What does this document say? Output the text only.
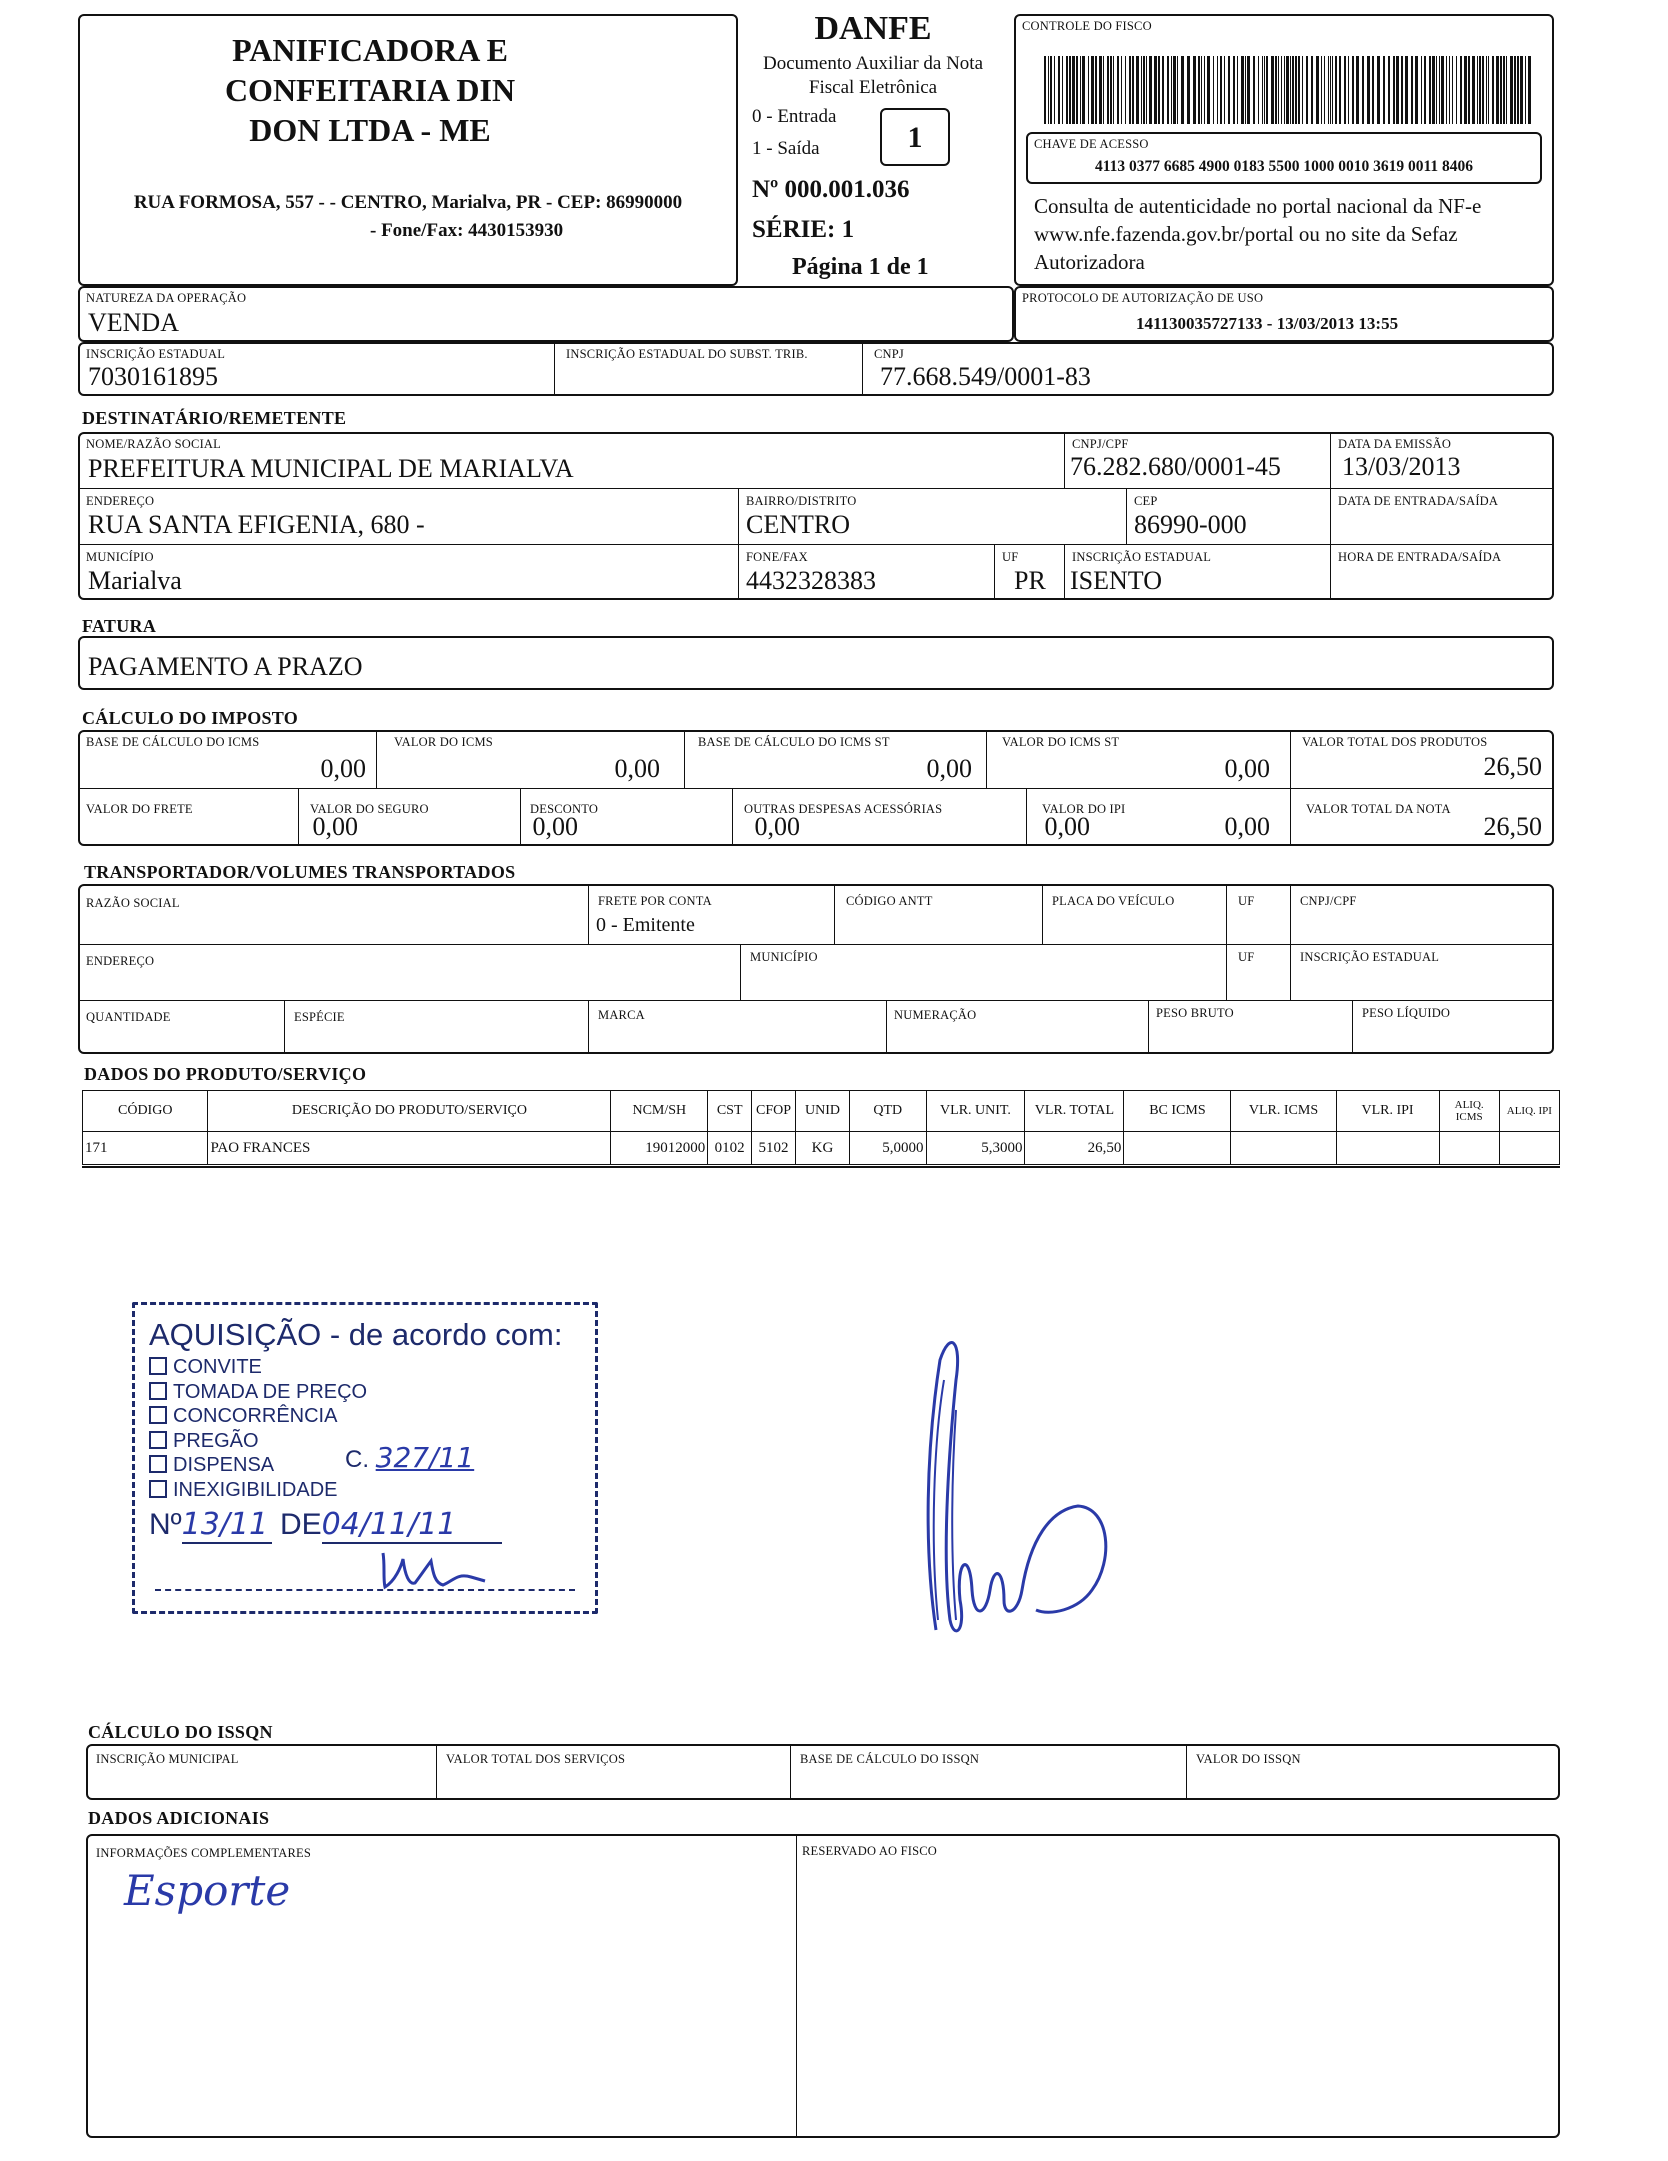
PANIFICADORA E CONFEITARIA DIN DON LTDA - ME
RUA FORMOSA, 557 - - CENTRO, Marialva, PR - CEP: 86990000
- Fone/Fax: 4430153930
DANFE
Documento Auxiliar da Nota Fiscal Eletrônica
0 - Entrada
1 - Saída	1
Nº 000.001.036
SÉRIE: 1
Página 1 de 1
CONTROLE DO FISCO
CHAVE DE ACESSO
4113 0377 6685 4900 0183 5500 1000 0010 3619 0011 8406
Consulta de autenticidade no portal nacional da NF-e www.nfe.fazenda.gov.br/portal ou no site da Sefaz Autorizadora
NATUREZA DA OPERAÇÃO
VENDA
PROTOCOLO DE AUTORIZAÇÃO DE USO
141130035727133 - 13/03/2013 13:55
INSCRIÇÃO ESTADUAL
7030161895
INSCRIÇÃO ESTADUAL DO SUBST. TRIB.	CNPJ
77.668.549/0001-83
DESTINATÁRIO/REMETENTE
NOME/RAZÃO SOCIAL
PREFEITURA MUNICIPAL DE MARIALVA
CNPJ/CPF
76.282.680/0001-45
DATA DA EMISSÃO
13/03/2013
ENDEREÇO
RUA SANTA EFIGENIA, 680 -
BAIRRO/DISTRITO
CENTRO
CEP
86990-000
DATA DE ENTRADA/SAÍDA
MUNICÍPIO
Marialva
FONE/FAX
4432328383
UF
PR
INSCRIÇÃO ESTADUAL
ISENTO
HORA DE ENTRADA/SAÍDA
FATURA
PAGAMENTO A PRAZO
CÁLCULO DO IMPOSTO
BASE DE CÁLCULO DO ICMS
0,00
VALOR DO ICMS
0,00
BASE DE CÁLCULO DO ICMS ST
0,00
VALOR DO ICMS ST
0,00
VALOR TOTAL DOS PRODUTOS
26,50
VALOR DO FRETE
0,00
VALOR DO SEGURO
0,00
DESCONTO
0,00
OUTRAS DESPESAS ACESSÓRIAS
0,00
VALOR DO IPI
0,00
VALOR TOTAL DA NOTA
26,50
TRANSPORTADOR/VOLUMES TRANSPORTADOS
RAZÃO SOCIAL	FRETE POR CONTA
0 - Emitente
CÓDIGO ANTT	PLACA DO VEÍCULO	UF	CNPJ/CPF
ENDEREÇO	MUNICÍPIO	UF	INSCRIÇÃO ESTADUAL
QUANTIDADE	ESPÉCIE	MARCA	NUMERAÇÃO	PESO BRUTO	PESO LÍQUIDO
DADOS DO PRODUTO/SERVIÇO
CÓDIGO	DESCRIÇÃO DO PRODUTO/SERVIÇO	NCM/SH	CST	CFOP	UNID	QTD	VLR. UNIT.	VLR. TOTAL	BC ICMS	VLR. ICMS	VLR. IPI	ALIQ. ICMS	ALIQ. IPI
171	PAO FRANCES	19012000	0102	5102	KG	5,0000	5,3000	26,50					
AQUISIÇÃO - de acordo com:
CONVITE
TOMADA DE PREÇO
CONCORRÊNCIA
PREGÃO
DISPENSA
INEXIGIBILIDADE
C. 327/11
Nº13/11 DE04/11/11
CÁLCULO DO ISSQN
INSCRIÇÃO MUNICIPAL	VALOR TOTAL DOS SERVIÇOS	BASE DE CÁLCULO DO ISSQN	VALOR DO ISSQN
DADOS ADICIONAIS
INFORMAÇÕES COMPLEMENTARES
Esporte
RESERVADO AO FISCO
